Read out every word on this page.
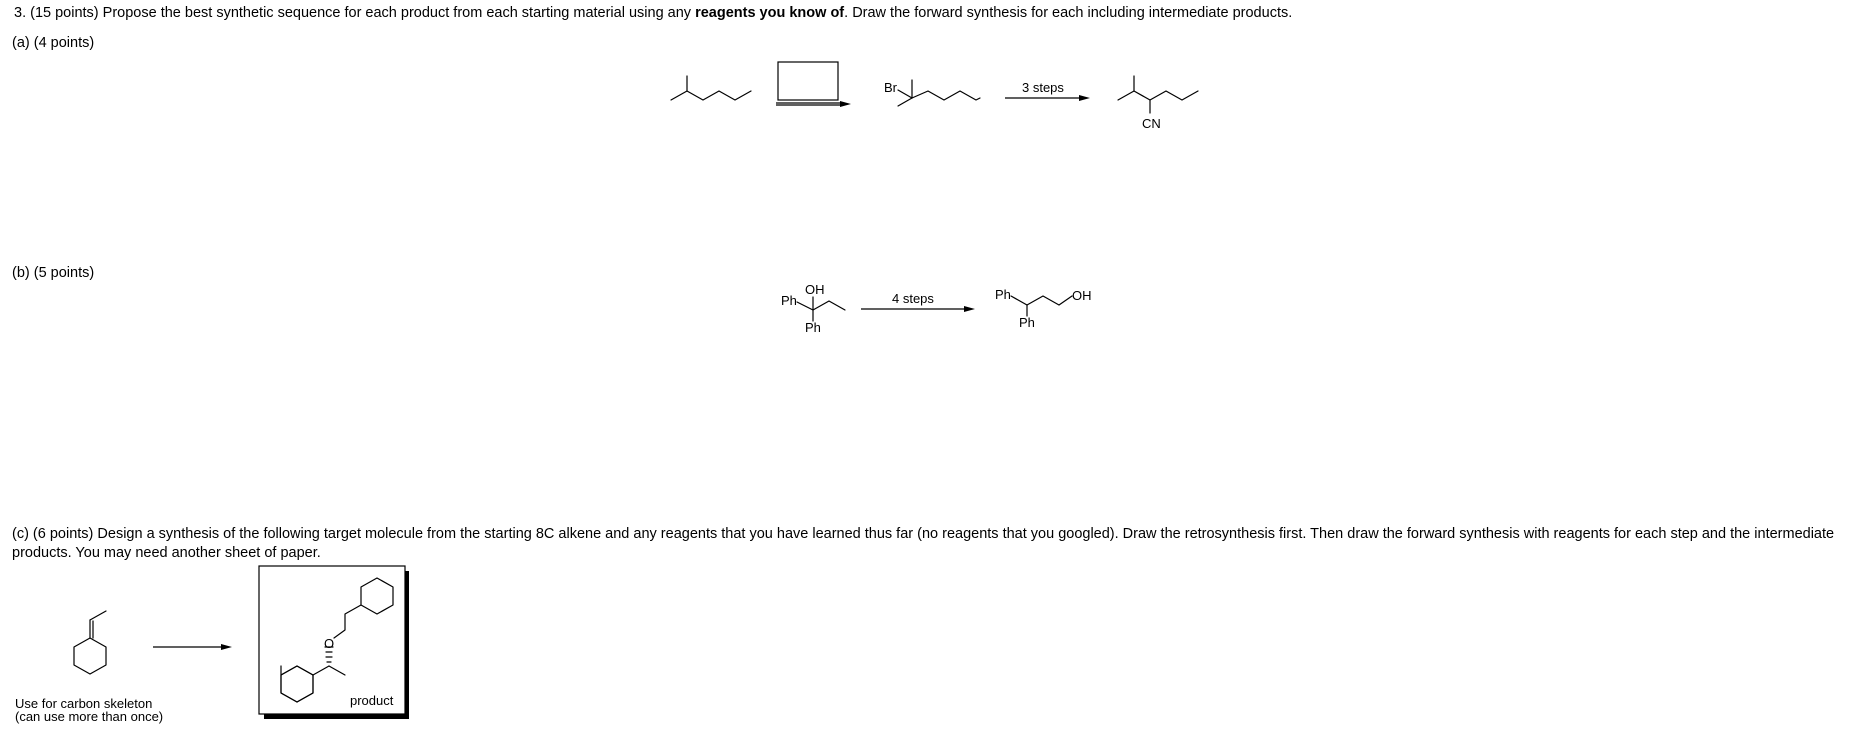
3. (15 points) Propose the best synthetic sequence for each product from each starting material using any reagents you know of. Draw the forward synthesis for each including intermediate products.
(a) (4 points)
(b) (5 points)
(c) (6 points) Design a synthesis of the following target molecule from the starting 8C alkene and any reagents that you have learned thus far (no reagents that you googled). Draw the retrosynthesis first. Then draw the forward synthesis with reagents for each step and the intermediate products. You may need another sheet of paper.
Use for carbon skeleton
(can use more than once)
Br	3 steps
CN
Ph
OH
Ph
4 steps	Ph	OH
Ph
product
O
